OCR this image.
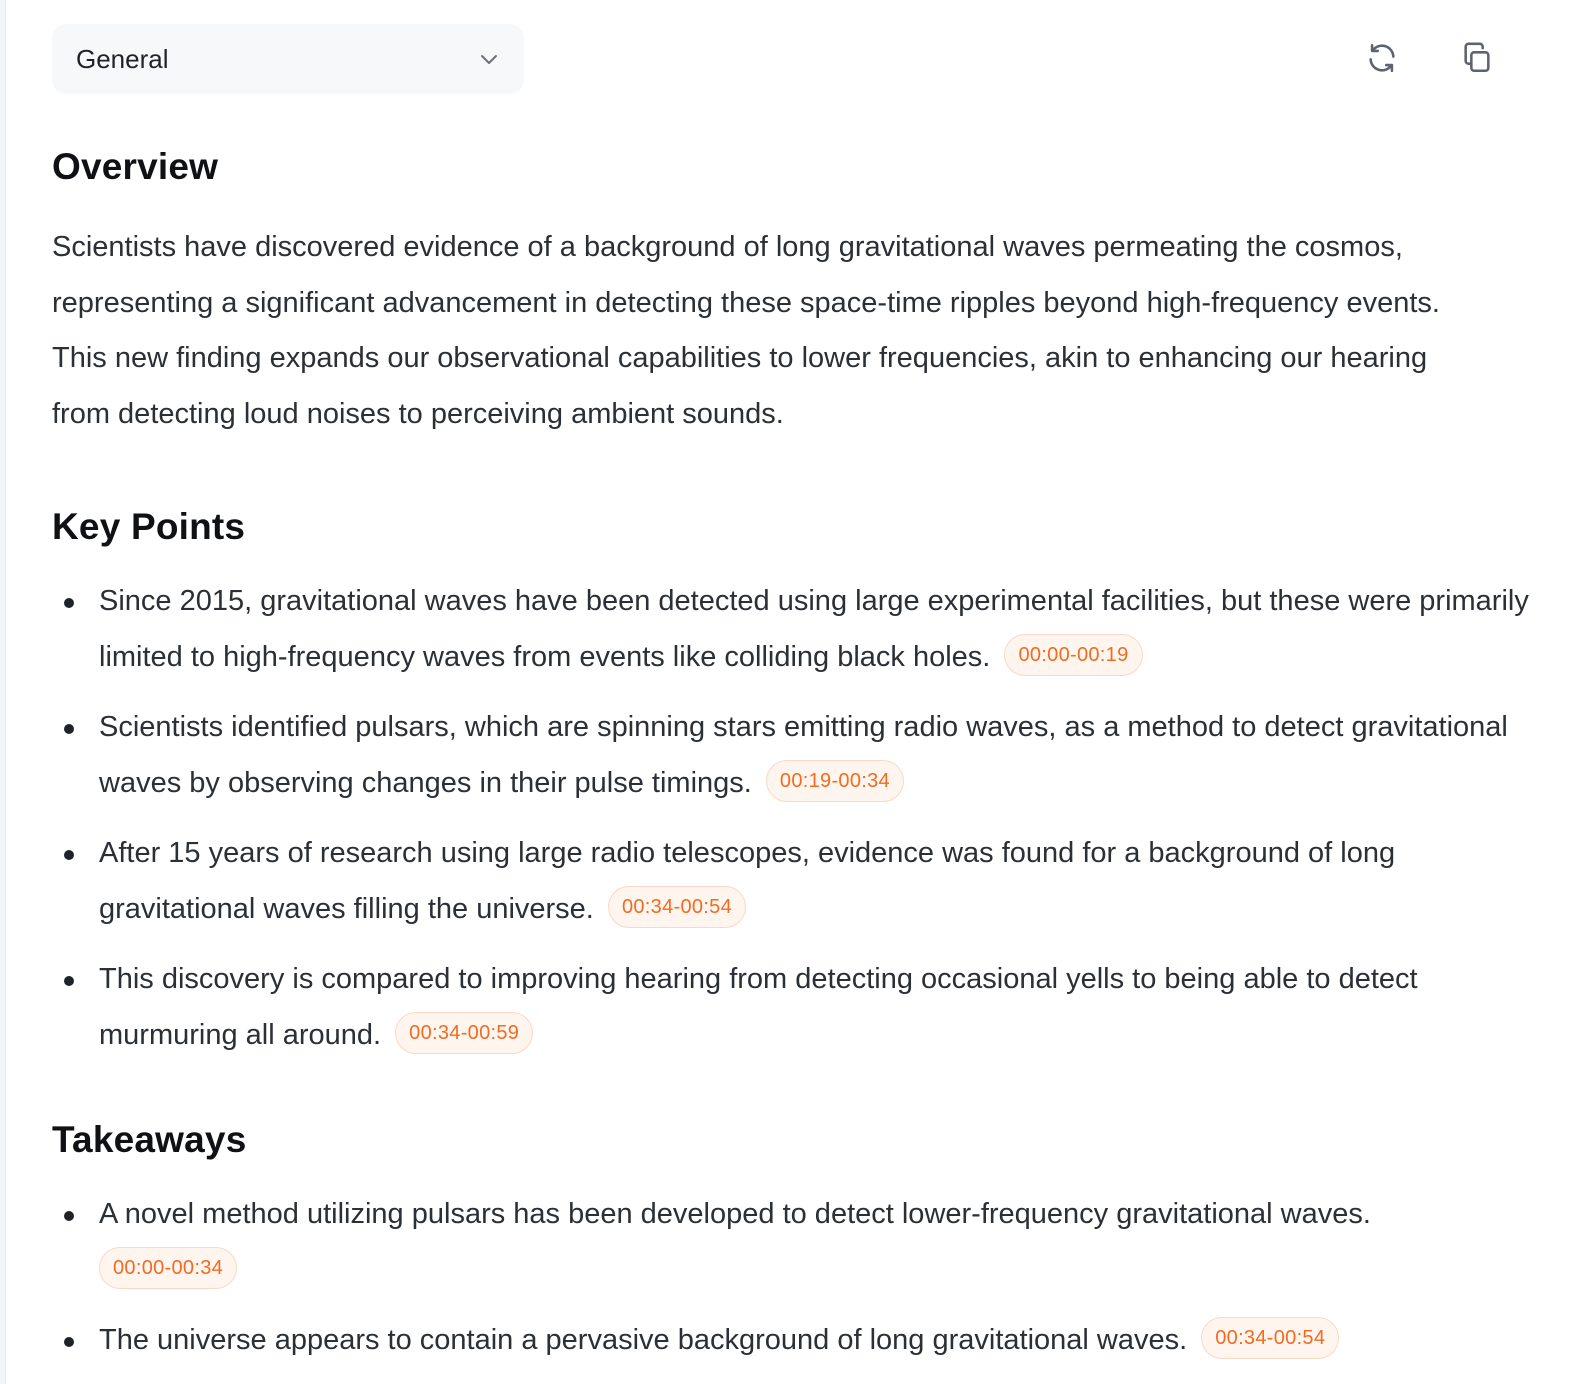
General
Overview

Scientists have discovered evidence of a background of long gravitational waves permeating the cosmos, representing a significant advancement in detecting these space-time ripples beyond high-frequency events. This new finding expands our observational capabilities to lower frequencies, akin to enhancing our hearing from detecting loud noises to perceiving ambient sounds.

Key Points
Since 2015, gravitational waves have been detected using large experimental facilities, but these were primarily limited to high-frequency waves from events like colliding black holes. 00:00-00:19
Scientists identified pulsars, which are spinning stars emitting radio waves, as a method to detect gravitational waves by observing changes in their pulse timings. 00:19-00:34
After 15 years of research using large radio telescopes, evidence was found for a background of long gravitational waves filling the universe. 00:34-00:54
This discovery is compared to improving hearing from detecting occasional yells to being able to detect murmuring all around. 00:34-00:59
Takeaways
A novel method utilizing pulsars has been developed to detect lower-frequency gravitational waves.
00:00-00:34
The universe appears to contain a pervasive background of long gravitational waves. 00:34-00:54
